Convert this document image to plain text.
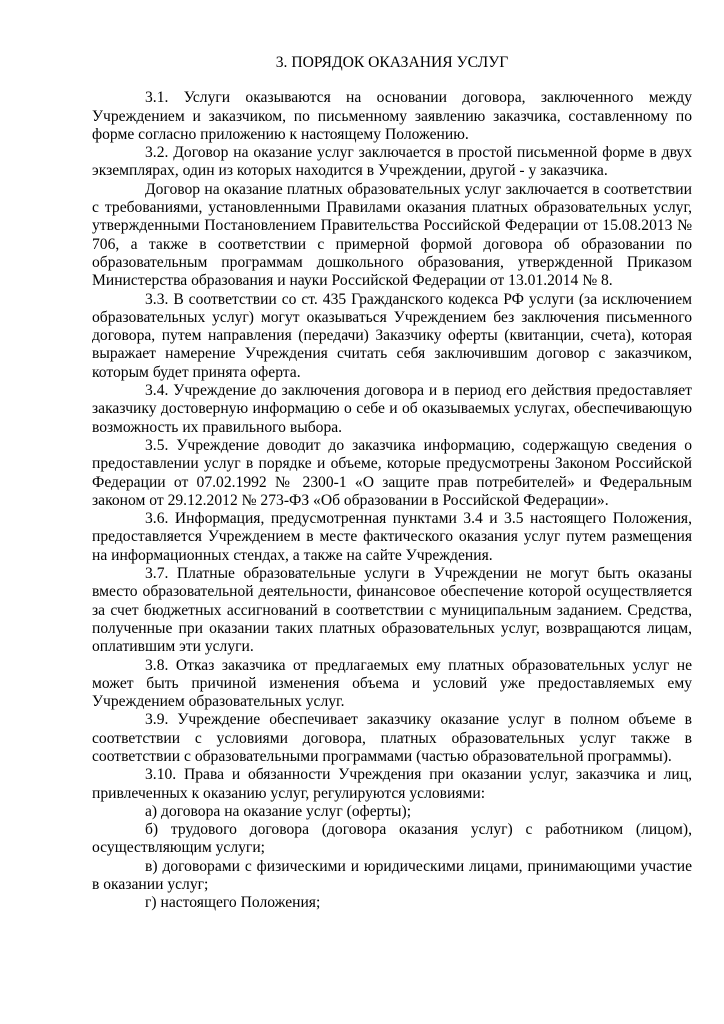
3. ПОРЯДОК ОКАЗАНИЯ УСЛУГ

3.1. Услуги оказываются на основании договора, заключенного между Учреждением и заказчиком, по письменному заявлению заказчика, составленному по форме согласно приложению к настоящему Положению.

3.2. Договор на оказание услуг заключается в простой письменной форме в двух экземплярах, один из которых находится в Учреждении, другой - у заказчика.

Договор на оказание платных образовательных услуг заключается в соответствии с требованиями, установленными Правилами оказания платных образовательных услуг, утвержденными Постановлением Правительства Российской Федерации от 15.08.2013 № 706, а также в соответствии с примерной формой договора об образовании по образовательным программам дошкольного образования, утвержденной Приказом Министерства образования и науки Российской Федерации от 13.01.2014 № 8.

3.3. В соответствии со ст. 435 Гражданского кодекса РФ услуги (за исключением образовательных услуг) могут оказываться Учреждением без заключения письменного договора, путем направления (передачи) Заказчику оферты (квитанции, счета), которая выражает намерение Учреждения считать себя заключившим договор с заказчиком, которым будет принята оферта.

3.4. Учреждение до заключения договора и в период его действия предоставляет заказчику достоверную информацию о себе и об оказываемых услугах, обеспечивающую возможность их правильного выбора.

3.5. Учреждение доводит до заказчика информацию, содержащую сведения о предоставлении услуг в порядке и объеме, которые предусмотрены Законом Российской Федерации от 07.02.1992 № 2300-1 «О защите прав потребителей» и Федеральным законом от 29.12.2012 № 273-ФЗ «Об образовании в Российской Федерации».

3.6. Информация, предусмотренная пунктами 3.4 и 3.5 настоящего Положения, предоставляется Учреждением в месте фактического оказания услуг путем размещения на информационных стендах, а также на сайте Учреждения.

3.7. Платные образовательные услуги в Учреждении не могут быть оказаны вместо образовательной деятельности, финансовое обеспечение которой осуществляется за счет бюджетных ассигнований в соответствии с муниципальным заданием. Средства, полученные при оказании таких платных образовательных услуг, возвращаются лицам, оплатившим эти услуги.

3.8. Отказ заказчика от предлагаемых ему платных образовательных услуг не может быть причиной изменения объема и условий уже предоставляемых ему Учреждением образовательных услуг.

3.9. Учреждение обеспечивает заказчику оказание услуг в полном объеме в соответствии с условиями договора, платных образовательных услуг также в соответствии с образовательными программами (частью образовательной программы).

3.10. Права и обязанности Учреждения при оказании услуг, заказчика и лиц, привлеченных к оказанию услуг, регулируются условиями:

а) договора на оказание услуг (оферты);

б) трудового договора (договора оказания услуг) с работником (лицом), осуществляющим услуги;

в) договорами с физическими и юридическими лицами, принимающими участие в оказании услуг;

г) настоящего Положения;
